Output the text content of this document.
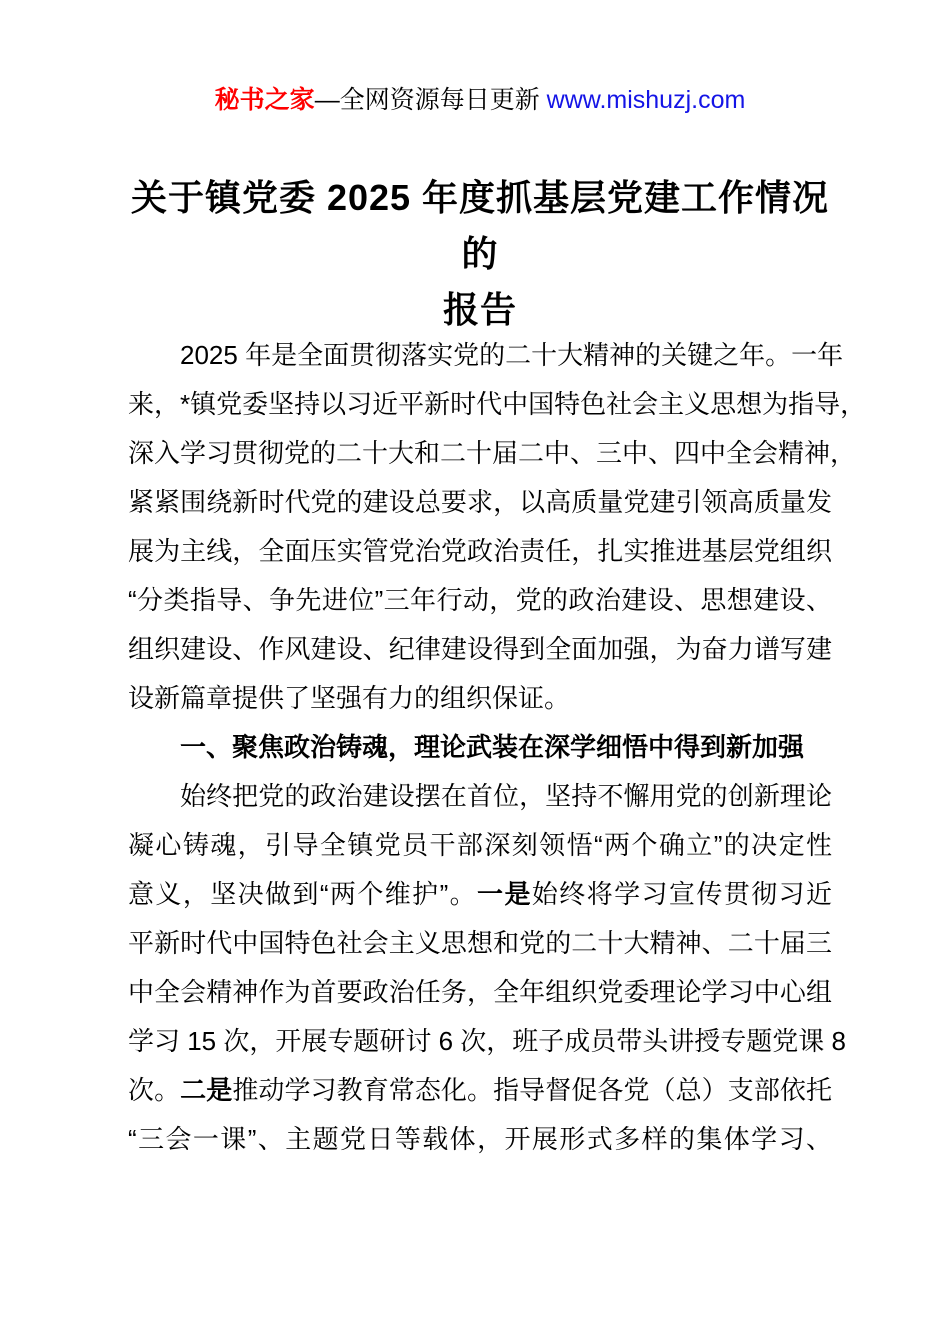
秘书之家—全网资源每日更新 www.mishuzj.com
关于镇党委 2025 年度抓基层党建工作情况的
报告
2025 年是全面贯彻落实党的二十大精神的关键之年。一年
来，*镇党委坚持以习近平新时代中国特色社会主义思想为指导，
深入学习贯彻党的二十大和二十届二中、三中、四中全会精神，
紧紧围绕新时代党的建设总要求，以高质量党建引领高质量发
展为主线，全面压实管党治党政治责任，扎实推进基层党组织
“分类指导、争先进位”三年行动，党的政治建设、思想建设、
组织建设、作风建设、纪律建设得到全面加强，为奋力谱写建
设新篇章提供了坚强有力的组织保证。
一、聚焦政治铸魂，理论武装在深学细悟中得到新加强
始终把党的政治建设摆在首位，坚持不懈用党的创新理论
凝心铸魂，引导全镇党员干部深刻领悟“两个确立”的决定性
意义，坚决做到“两个维护”。一是始终将学习宣传贯彻习近
平新时代中国特色社会主义思想和党的二十大精神、二十届三
中全会精神作为首要政治任务，全年组织党委理论学习中心组
学习 15 次，开展专题研讨 6 次，班子成员带头讲授专题党课 8
次。二是推动学习教育常态化。指导督促各党（总）支部依托
“三会一课”、主题党日等载体，开展形式多样的集体学习、
